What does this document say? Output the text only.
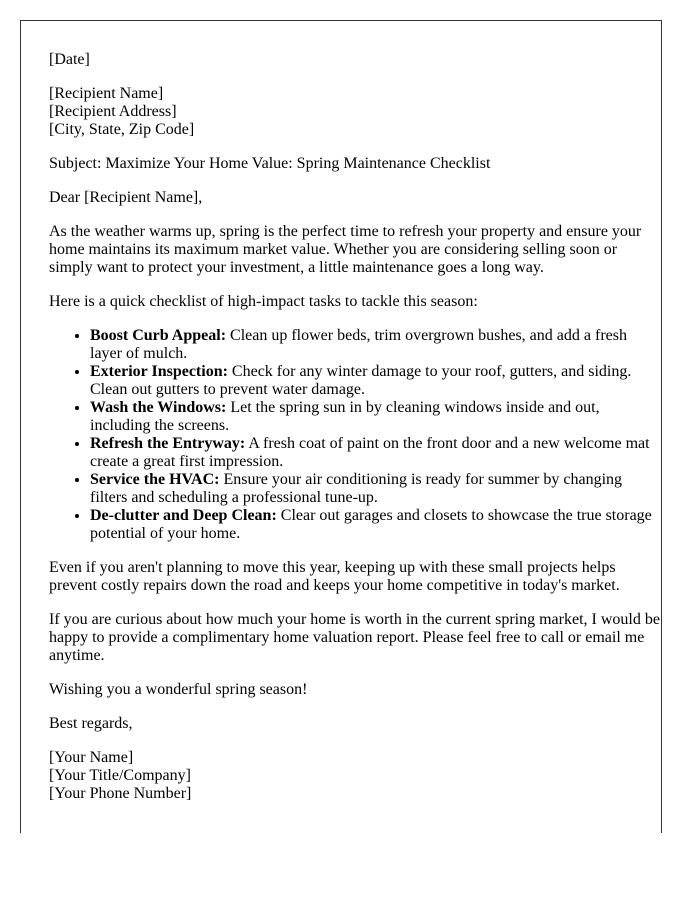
[Date]

[Recipient Name]
[Recipient Address]
[City, State, Zip Code]

Subject: Maximize Your Home Value: Spring Maintenance Checklist

Dear [Recipient Name],

As the weather warms up, spring is the perfect time to refresh your property and ensure your home maintains its maximum market value. Whether you are considering selling soon or simply want to protect your investment, a little maintenance goes a long way.

Here is a quick checklist of high-impact tasks to tackle this season:

• Boost Curb Appeal: Clean up flower beds, trim overgrown bushes, and add a fresh layer of mulch.
• Exterior Inspection: Check for any winter damage to your roof, gutters, and siding. Clean out gutters to prevent water damage.
• Wash the Windows: Let the spring sun in by cleaning windows inside and out, including the screens.
• Refresh the Entryway: A fresh coat of paint on the front door and a new welcome mat create a great first impression.
• Service the HVAC: Ensure your air conditioning is ready for summer by changing filters and scheduling a professional tune-up.
• De-clutter and Deep Clean: Clear out garages and closets to showcase the true storage potential of your home.

Even if you aren't planning to move this year, keeping up with these small projects helps prevent costly repairs down the road and keeps your home competitive in today's market.

If you are curious about how much your home is worth in the current spring market, I would be happy to provide a complimentary home valuation report. Please feel free to call or email me anytime.

Wishing you a wonderful spring season!

Best regards,

[Your Name]
[Your Title/Company]
[Your Phone Number]
